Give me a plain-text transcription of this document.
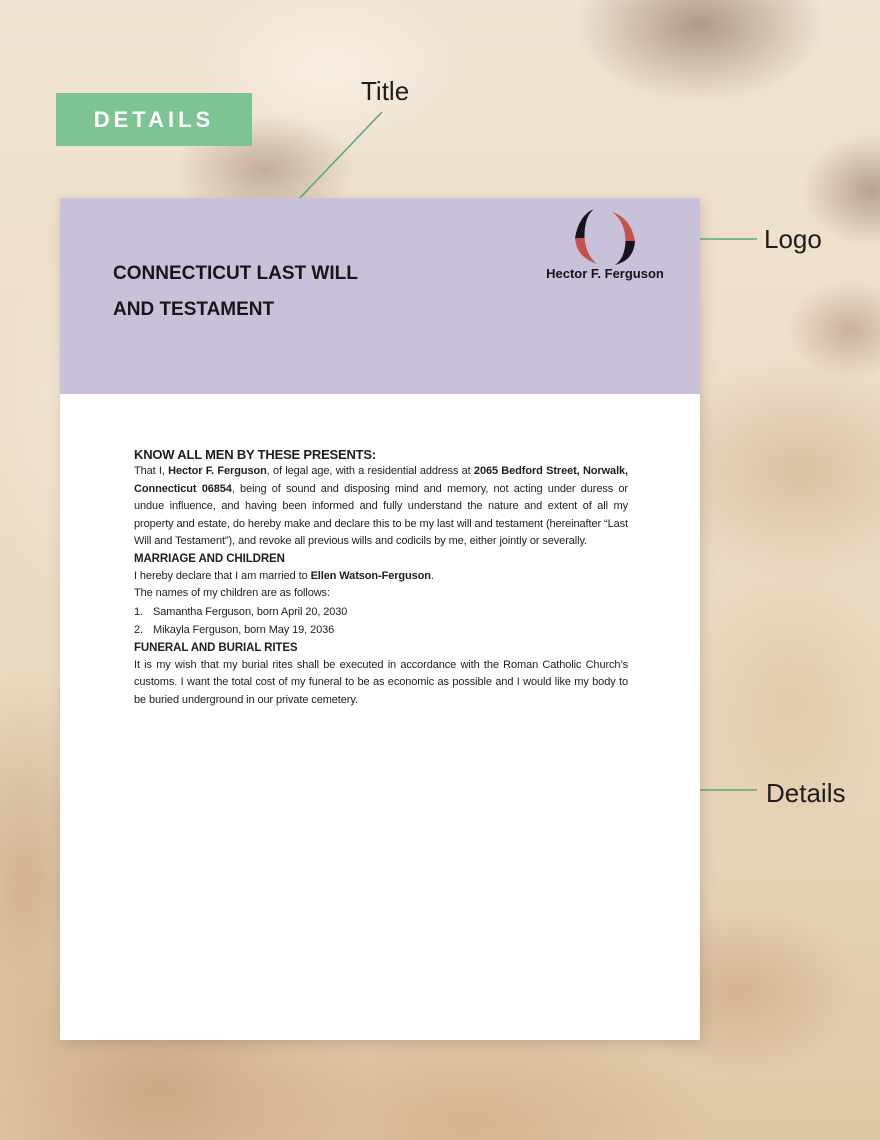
DETAILS
Title
Logo
Details
CONNECTICUT LAST WILL AND TESTAMENT
Hector F. Ferguson
KNOW ALL MEN BY THESE PRESENTS:

That I, Hector F. Ferguson, of legal age, with a residential address at 2065 Bedford Street, Norwalk, Connecticut 06854, being of sound and disposing mind and memory, not acting under duress or undue influence, and having been informed and fully understand the nature and extent of all my property and estate, do hereby make and declare this to be my last will and testament (hereinafter “Last Will and Testament”), and revoke all previous wills and codicils by me, either jointly or severally.

MARRIAGE AND CHILDREN

I hereby declare that I am married to Ellen Watson-Ferguson.

The names of my children are as follows:

1. Samantha Ferguson, born April 20, 2030
2. Mikayla Ferguson, born May 19, 2036
FUNERAL AND BURIAL RITES

It is my wish that my burial rites shall be executed in accordance with the Roman Catholic Church’s customs. I want the total cost of my funeral to be as economic as possible and I would like my body to be buried underground in our private cemetery.
